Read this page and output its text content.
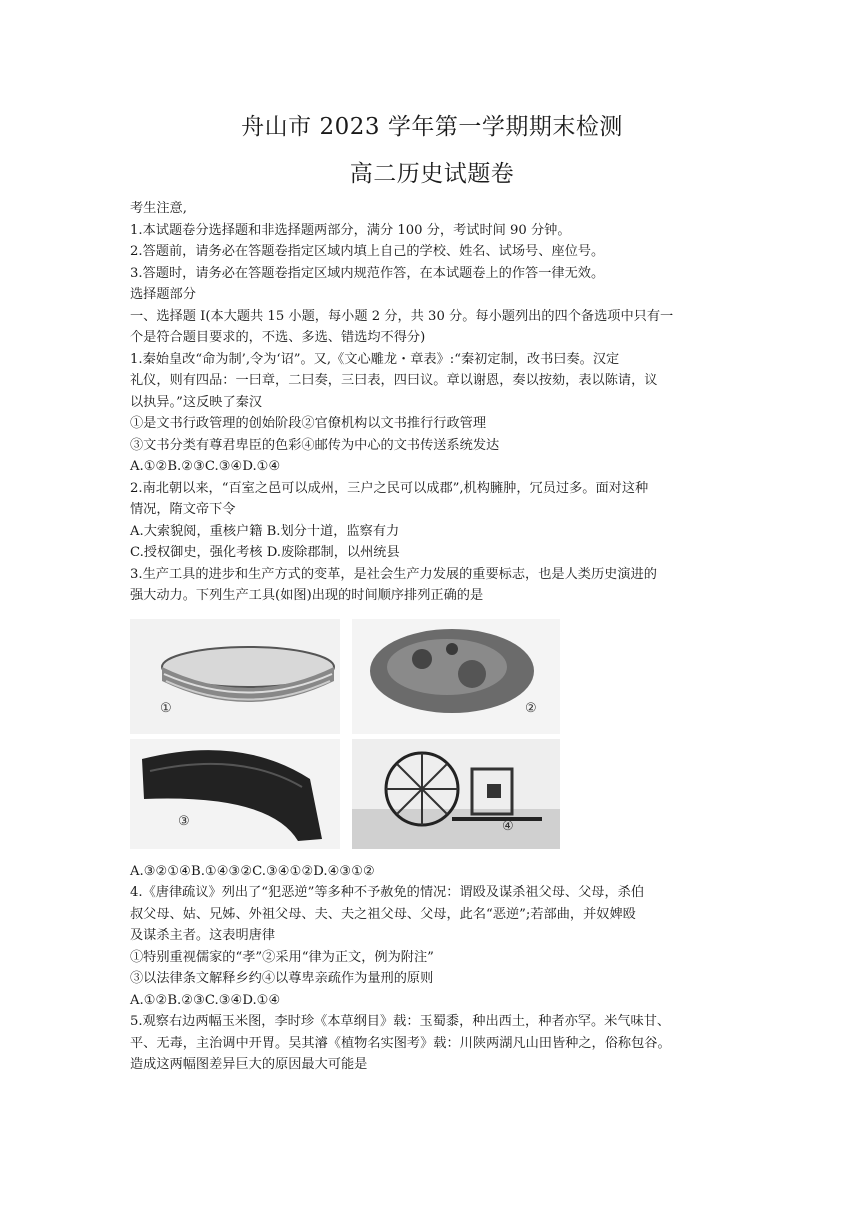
舟山市 2023 学年第一学期期末检测
高二历史试题卷
考生注意,
1.本试题卷分选择题和非选择题两部分，满分 100 分，考试时间 90 分钟。
2.答题前，请务必在答题卷指定区域内填上自己的学校、姓名、试场号、座位号。
3.答题时，请务必在答题卷指定区域内规范作答，在本试题卷上的作答一律无效。
选择题部分
一、选择题 I(本大题共 15 小题，每小题 2 分，共 30 分。每小题列出的四个备选项中只有一
个是符合题目要求的，不选、多选、错选均不得分)
1.秦始皇改“命为制’,令为‘诏”。又,《文心雕龙・章表》:“秦初定制，改书曰奏。汉定
礼仪，则有四品：一曰章，二曰奏，三曰表，四曰议。章以谢恩，奏以按劾，表以陈请，议
以执异。”这反映了秦汉
①是文书行政管理的创始阶段②官僚机构以文书推行行政管理
③文书分类有尊君卑臣的色彩④邮传为中心的文书传送系统发达
A.①②B.②③C.③④D.①④
2.南北朝以来，“百室之邑可以成州，三户之民可以成郡”,机构臃肿，冗员过多。面对这种
情况，隋文帝下令
A.大索貌阅，重核户籍 B.划分十道，监察有力
C.授权御史，强化考核 D.废除郡制，以州统县
3.生产工具的进步和生产方式的变革，是社会生产力发展的重要标志，也是人类历史演进的
强大动力。下列生产工具(如图)出现的时间顺序排列正确的是
①	②
③	④
A.③②①④B.①④③②C.③④①②D.④③①②
4.《唐律疏议》列出了“犯恶逆”等多种不予赦免的情况：谓殴及谋杀祖父母、父母，杀伯
叔父母、姑、兄姊、外祖父母、夫、夫之祖父母、父母，此名“恶逆”;若部曲，并奴婢殴
及谋杀主者。这表明唐律
①特别重视儒家的“孝”②采用“律为正文，例为附注”
③以法律条文解释乡约④以尊卑亲疏作为量刑的原则
A.①②B.②③C.③④D.①④
5.观察右边两幅玉米图，李时珍《本草纲目》载：玉蜀黍，种出西土，种者亦罕。米气味甘、
平、无毒，主治调中开胃。吴其濬《植物名实图考》载：川陕两湖凡山田皆种之，俗称包谷。
造成这两幅图差异巨大的原因最大可能是
